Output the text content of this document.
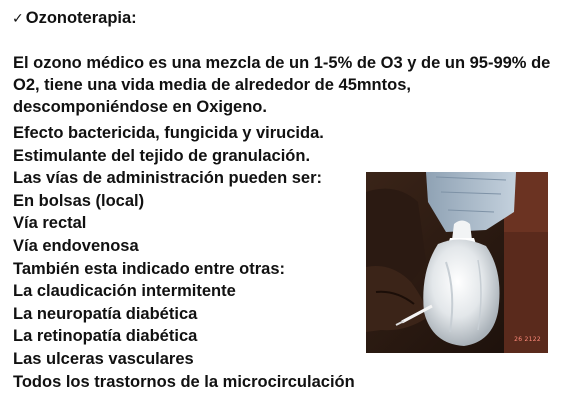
✓ Ozonoterapia:
El ozono médico es una mezcla de un 1-5% de O3 y de un 95-99% de O2, tiene una vida media de alrededor de 45mntos, descomponiéndose en Oxigeno.
Efecto bactericida, fungicida y virucida.
Estimulante del tejido de granulación.
Las vías de administración pueden ser:
En bolsas (local)
Vía rectal
Vía endovenosa
También esta indicado entre otras:
La claudicación intermitente
La neuropatía diabética
La retinopatía diabética
Las ulceras vasculares
Todos los trastornos de la microcirculación
26 2122
